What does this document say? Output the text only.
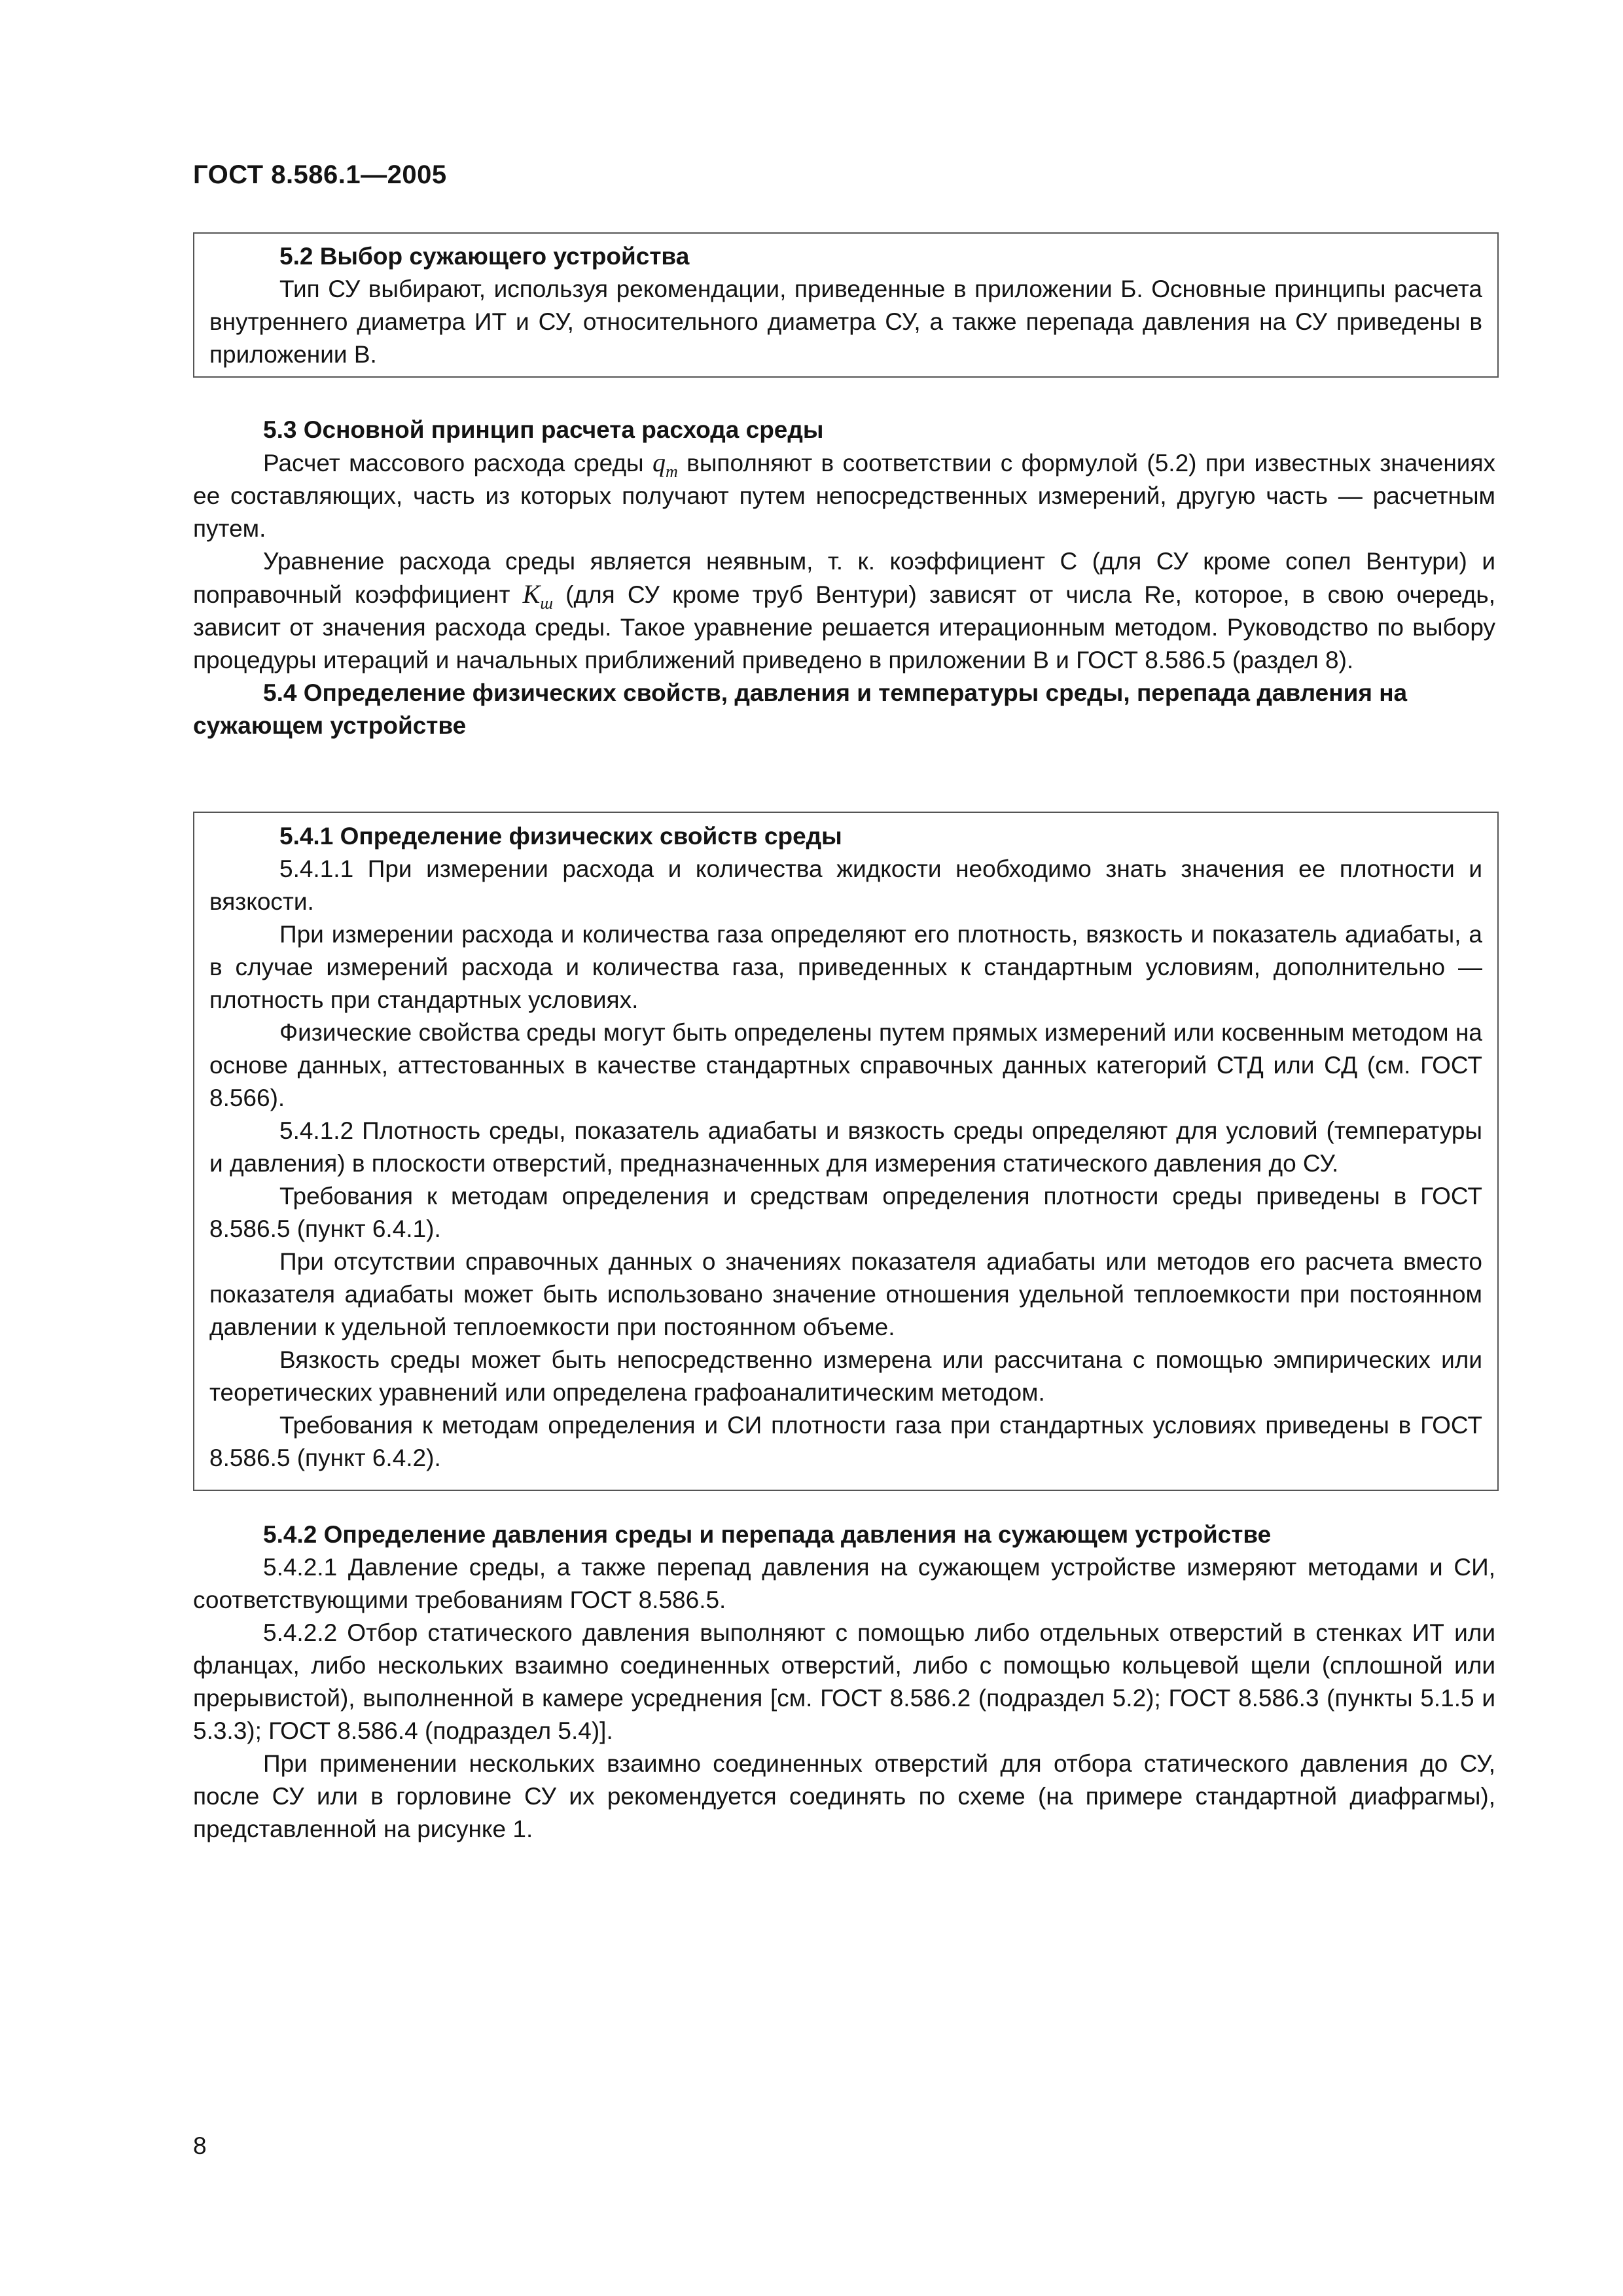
ГОСТ 8.586.1—2005

5.2 Выбор сужающего устройства

Тип СУ выбирают, используя рекомендации, приведенные в приложении Б. Основные принципы расчета внутреннего диаметра ИТ и СУ, относительного диаметра СУ, а также перепада давления на СУ приведены в приложении В.

5.3 Основной принцип расчета расхода среды

Расчет массового расхода среды $q_m$ выполняют в соответствии с формулой (5.2) при известных значениях ее составляющих, часть из которых получают путем непосредственных измерений, другую часть — расчетным путем.

Уравнение расхода среды является неявным, т. к. коэффициент С (для СУ кроме сопел Вентури) и поправочный коэффициент $K_ш$ (для СУ кроме труб Вентури) зависят от числа Re, которое, в свою очередь, зависит от значения расхода среды. Такое уравнение решается итерационным методом. Руководство по выбору процедуры итераций и начальных приближений приведено в приложении В и ГОСТ 8.586.5 (раздел 8).

5.4 Определение физических свойств, давления и температуры среды, перепада давления на сужающем устройстве

5.4.1 Определение физических свойств среды

5.4.1.1 При измерении расхода и количества жидкости необходимо знать значения ее плотности и вязкости.

При измерении расхода и количества газа определяют его плотность, вязкость и показатель адиабаты, а в случае измерений расхода и количества газа, приведенных к стандартным условиям, дополнительно — плотность при стандартных условиях.

Физические свойства среды могут быть определены путем прямых измерений или косвенным методом на основе данных, аттестованных в качестве стандартных справочных данных категорий СТД или СД (см. ГОСТ 8.566).

5.4.1.2 Плотность среды, показатель адиабаты и вязкость среды определяют для условий (температуры и давления) в плоскости отверстий, предназначенных для измерения статического давления до СУ.

Требования к методам определения и средствам определения плотности среды приведены в ГОСТ 8.586.5 (пункт 6.4.1).

При отсутствии справочных данных о значениях показателя адиабаты или методов его расчета вместо показателя адиабаты может быть использовано значение отношения удельной теплоемкости при постоянном давлении к удельной теплоемкости при постоянном объеме.

Вязкость среды может быть непосредственно измерена или рассчитана с помощью эмпирических или теоретических уравнений или определена графоаналитическим методом.

Требования к методам определения и СИ плотности газа при стандартных условиях приведены в ГОСТ 8.586.5 (пункт 6.4.2).

5.4.2 Определение давления среды и перепада давления на сужающем устройстве

5.4.2.1 Давление среды, а также перепад давления на сужающем устройстве измеряют методами и СИ, соответствующими требованиям ГОСТ 8.586.5.

5.4.2.2 Отбор статического давления выполняют с помощью либо отдельных отверстий в стенках ИТ или фланцах, либо нескольких взаимно соединенных отверстий, либо с помощью кольцевой щели (сплошной или прерывистой), выполненной в камере усреднения [см. ГОСТ 8.586.2 (подраздел 5.2); ГОСТ 8.586.3 (пункты 5.1.5 и 5.3.3); ГОСТ 8.586.4 (подраздел 5.4)].

При применении нескольких взаимно соединенных отверстий для отбора статического давления до СУ, после СУ или в горловине СУ их рекомендуется соединять по схеме (на примере стандартной диафрагмы), представленной на рисунке 1.

8
